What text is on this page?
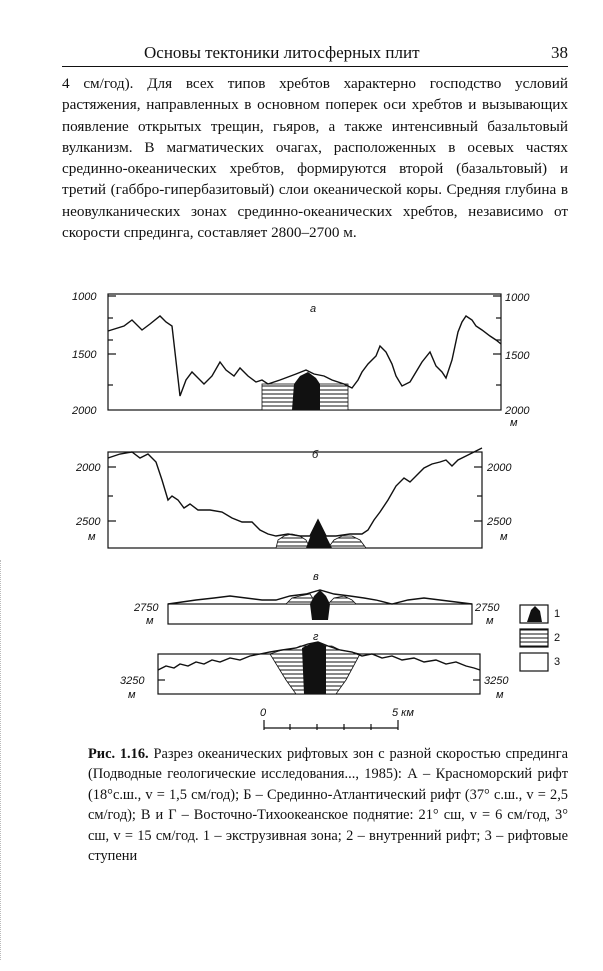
Основы тектоники литосферных плит	38

4 см/год). Для всех типов хребтов характерно господство условий растяжения, направленных в основном поперек оси хребтов и вызывающих появление открытых трещин, гьяров, а также интенсивный базальтовый вулканизм. В магматических очагах, расположенных в осевых частях срединно-океанических хребтов, формируются второй (базальтовый) и третий (габбро-гипербазитовый) слои океанической коры. Средняя глубина в неовулканических зонах срединно-океанических хребтов, независимо от скорости спрединга, составляет 2800–2700 м.

1000
1500
2000
1000
1500
2000
м
а
2000
2500
м
2000
2500
м
б
2750
м
2750
м
в
3250
м
3250
м
г
0	5 км
1
2
3

Рис. 1.16. Разрез океанических рифтовых зон с разной скоростью спрединга (Подводные геологические исследования..., 1985): А – Красноморский рифт (18°с.ш., v = 1,5 см/год); Б – Срединно-Атлантический рифт (37° с.ш., v = 2,5 см/год); В и Г – Восточно-Тихоокеанское поднятие: 21° сш, v = 6 см/год, 3° сш, v = 15 см/год. 1 – экструзивная зона; 2 – внутренний рифт; 3 – рифтовые ступени
